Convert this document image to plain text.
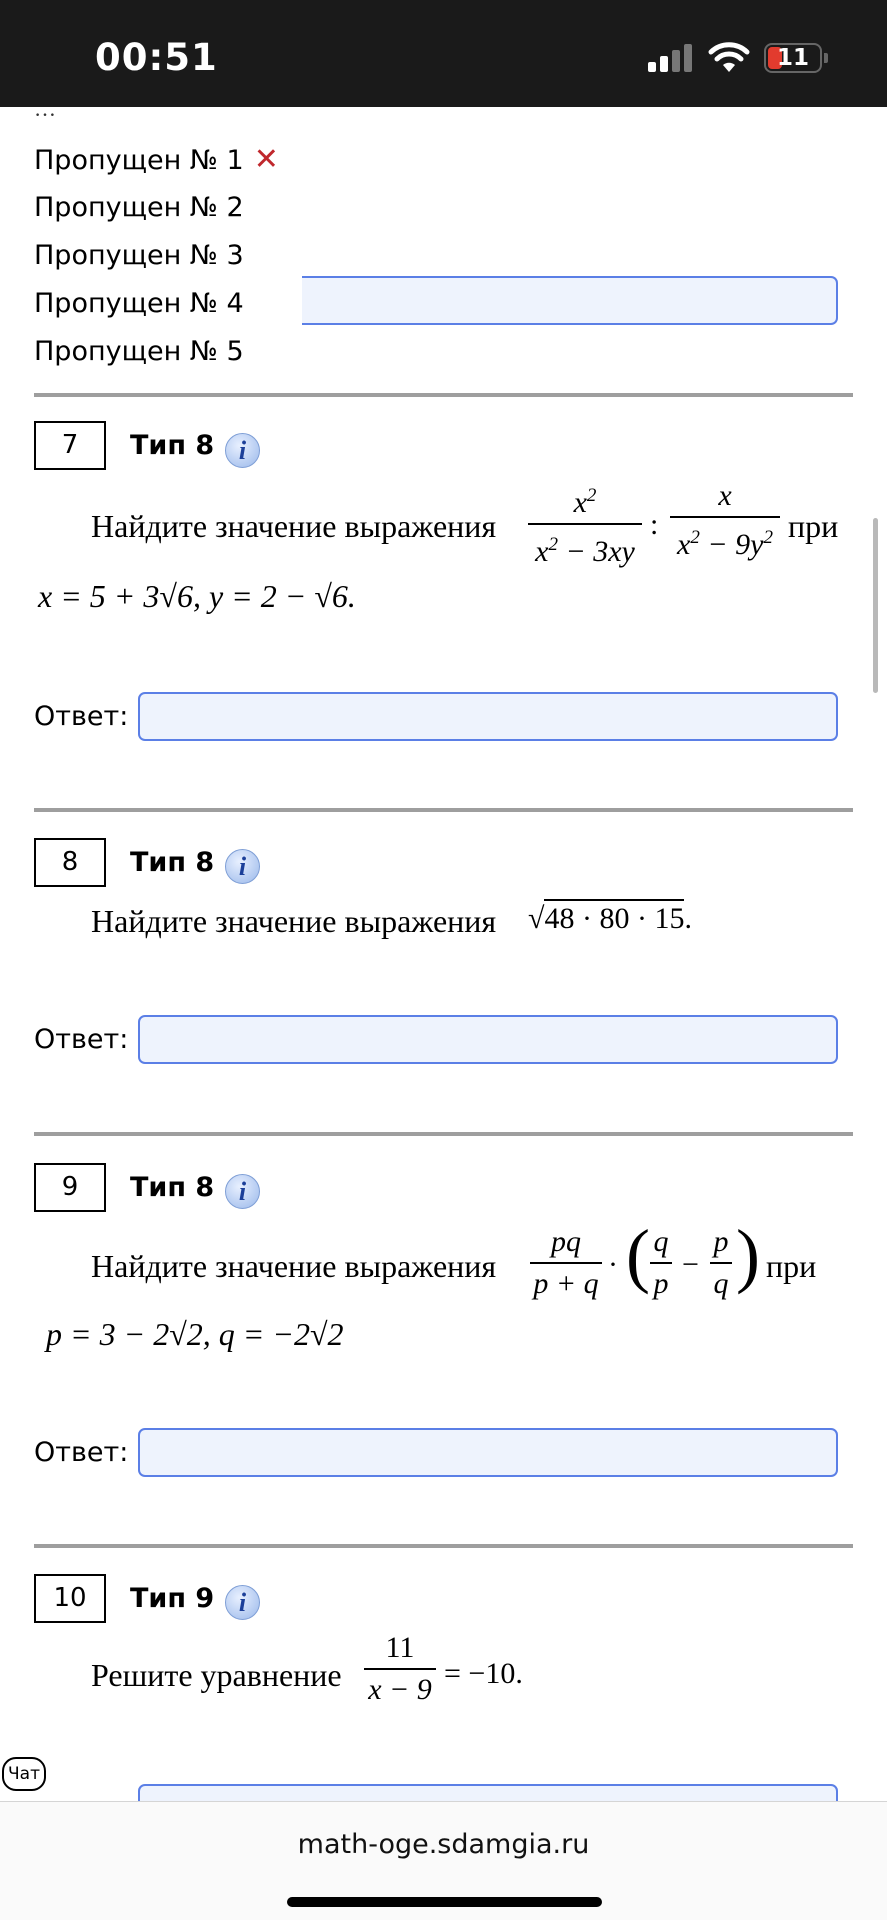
00:51	11
…
Пропущен № 1 ✕
Пропущен № 2
Пропущен № 3
Пропущен № 4
Пропущен № 5
7	Тип 8 i
Найдите значение выражения
$x^2$
$x^2 - 3xy$
:
x
$x^2 - 9y^2$ при
x = 5 + 3√6, y = 2 − √6.
Ответ:
8	Тип 8 i
Найдите значение выражения √48 · 80 · 15.
Ответ:
9	Тип 8 i
Найдите значение выражения
pq
p + q
· ( q
p
−
p
q ) при
p = 3 − 2√2, q = −2√2
Ответ:
10	Тип 9 i
Решите уравнение
11
x − 9 = −10.
Чат
math-oge.sdamgia.ru
